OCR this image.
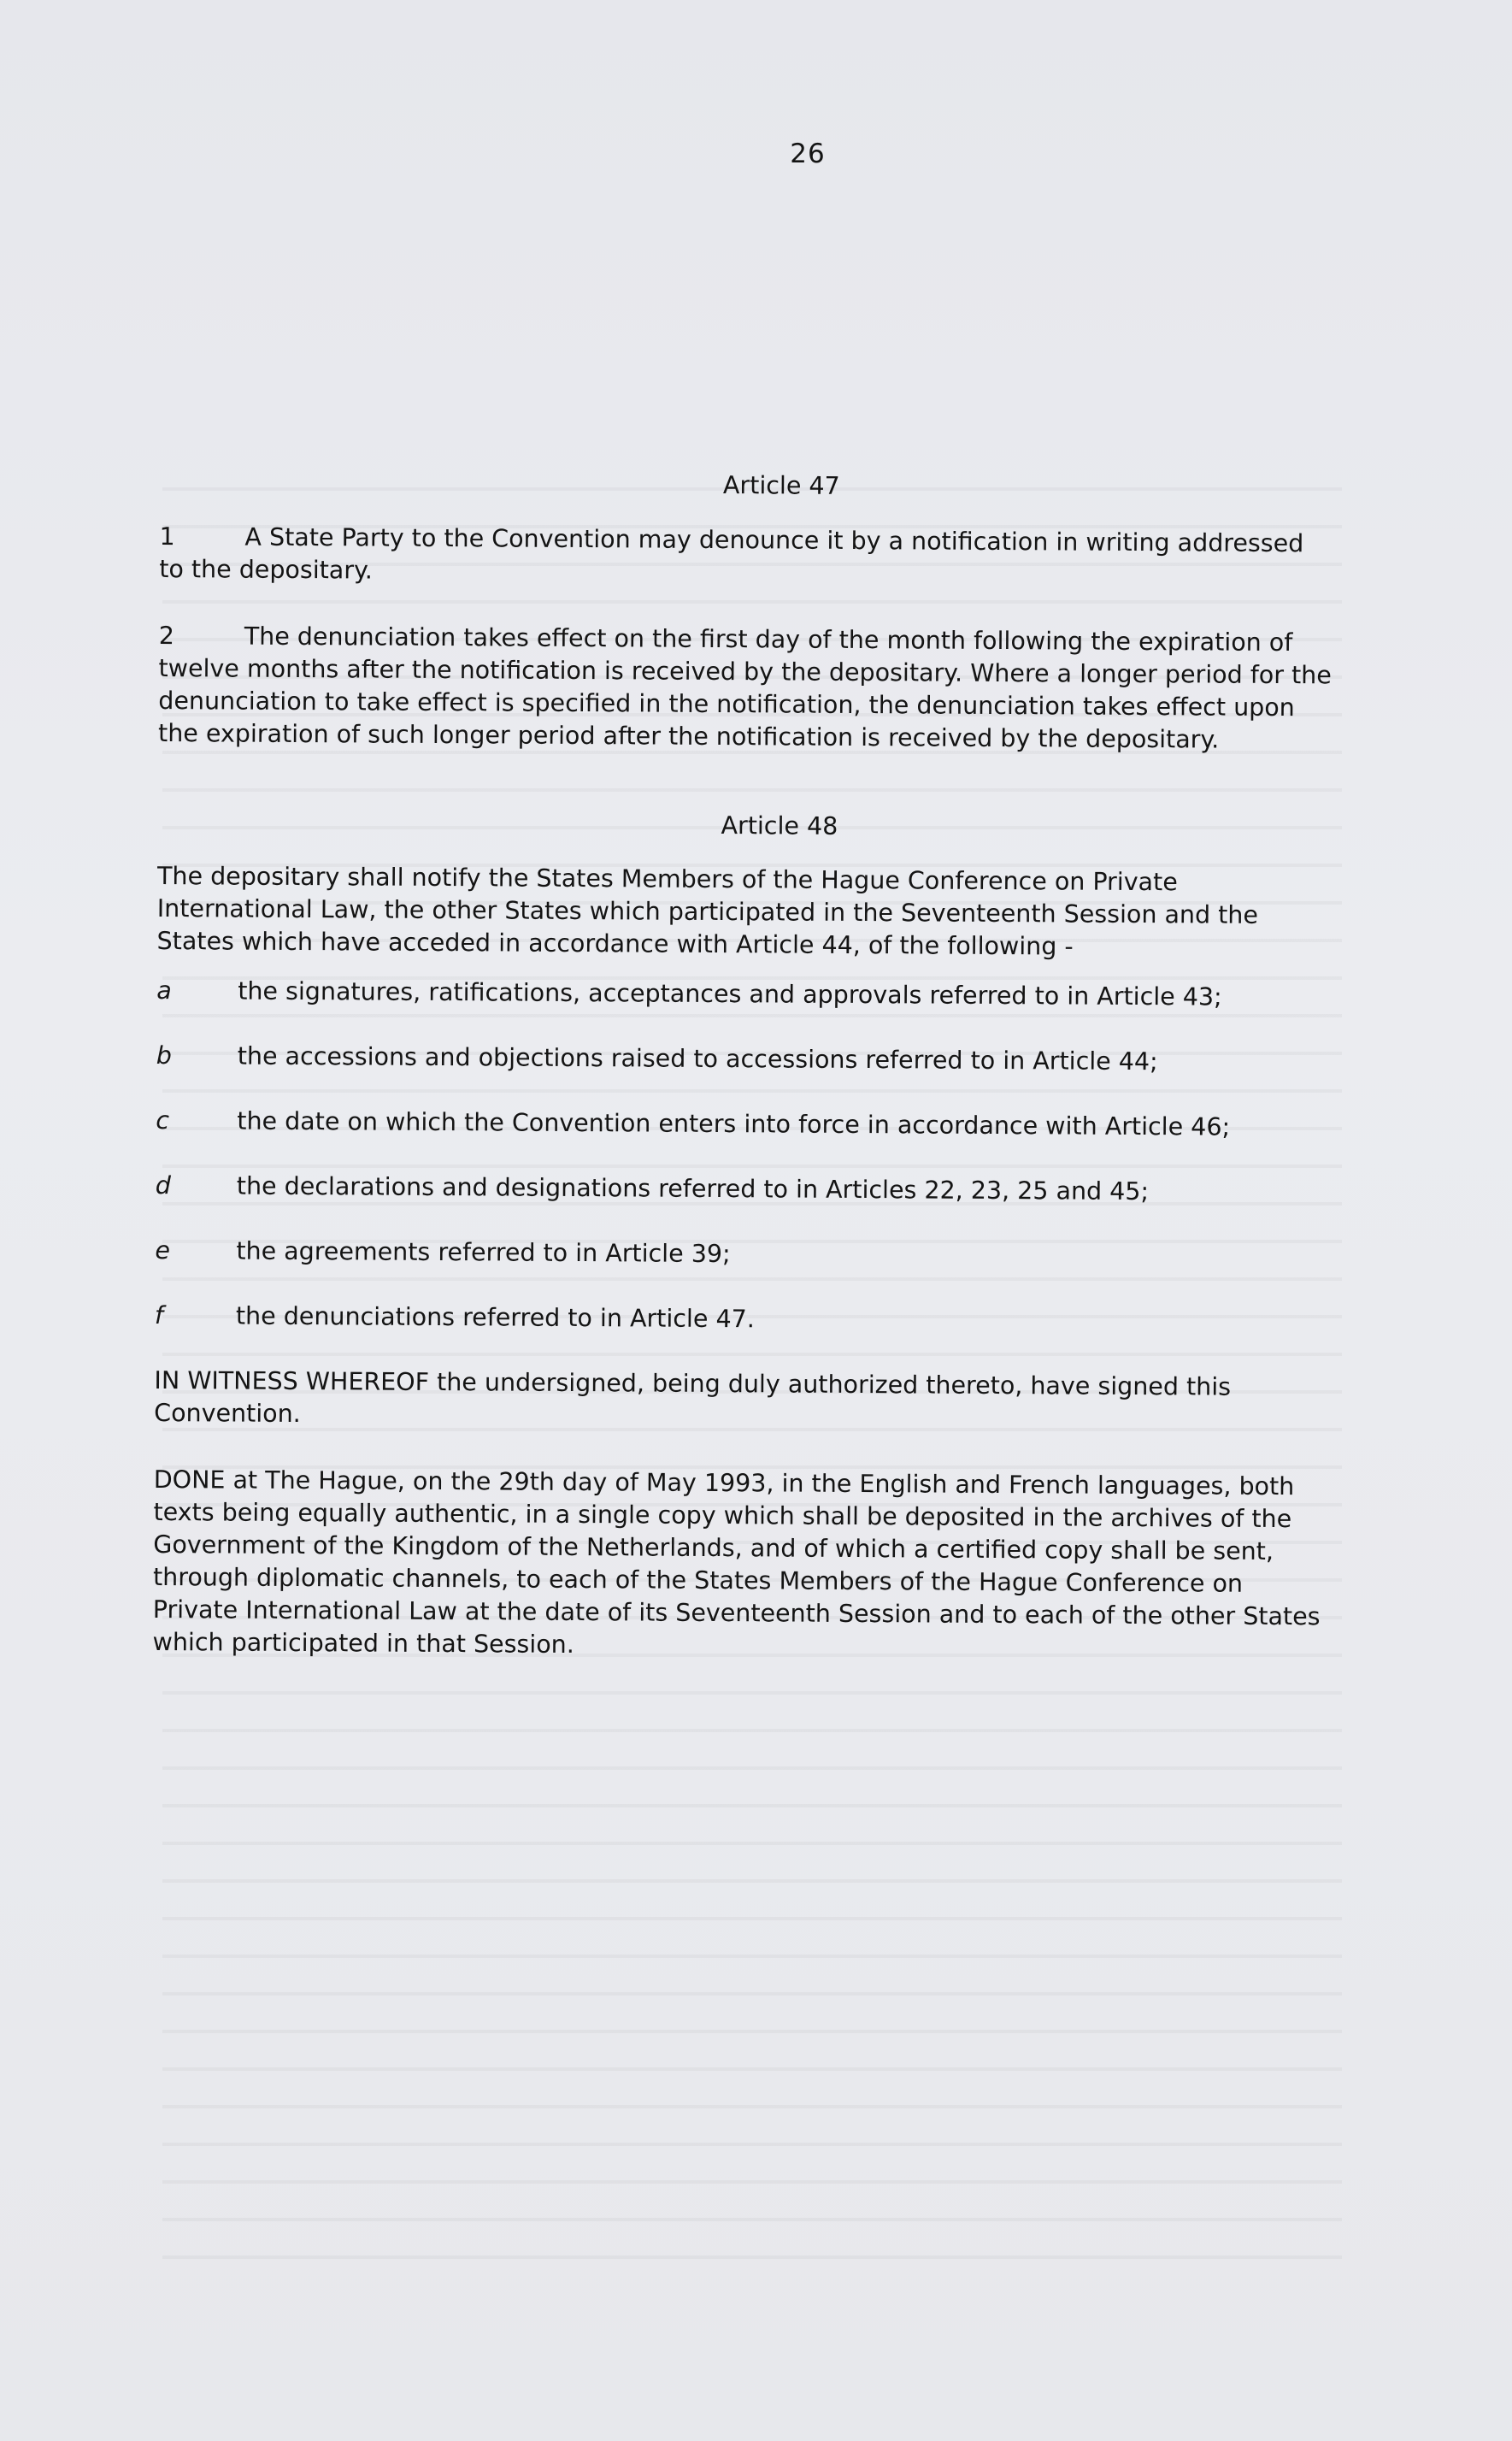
26

Article 47

1	A State Party to the Convention may denounce it by a notification in writing addressed to the depositary.

2	The denunciation takes effect on the first day of the month following the expiration of twelve months after the notification is received by the depositary. Where a longer period for the denunciation to take effect is specified in the notification, the denunciation takes effect upon the expiration of such longer period after the notification is received by the depositary.

Article 48

The depositary shall notify the States Members of the Hague Conference on Private International Law, the other States which participated in the Seventeenth Session and the States which have acceded in accordance with Article 44, of the following -

a	the signatures, ratifications, acceptances and approvals referred to in Article 43;

b	the accessions and objections raised to accessions referred to in Article 44;

c	the date on which the Convention enters into force in accordance with Article 46;

d	the declarations and designations referred to in Articles 22, 23, 25 and 45;

e	the agreements referred to in Article 39;

f	the denunciations referred to in Article 47.

IN WITNESS WHEREOF the undersigned, being duly authorized thereto, have signed this Convention.

DONE at The Hague, on the 29th day of May 1993, in the English and French languages, both texts being equally authentic, in a single copy which shall be deposited in the archives of the Government of the Kingdom of the Netherlands, and of which a certified copy shall be sent, through diplomatic channels, to each of the States Members of the Hague Conference on Private International Law at the date of its Seventeenth Session and to each of the other States which participated in that Session.
